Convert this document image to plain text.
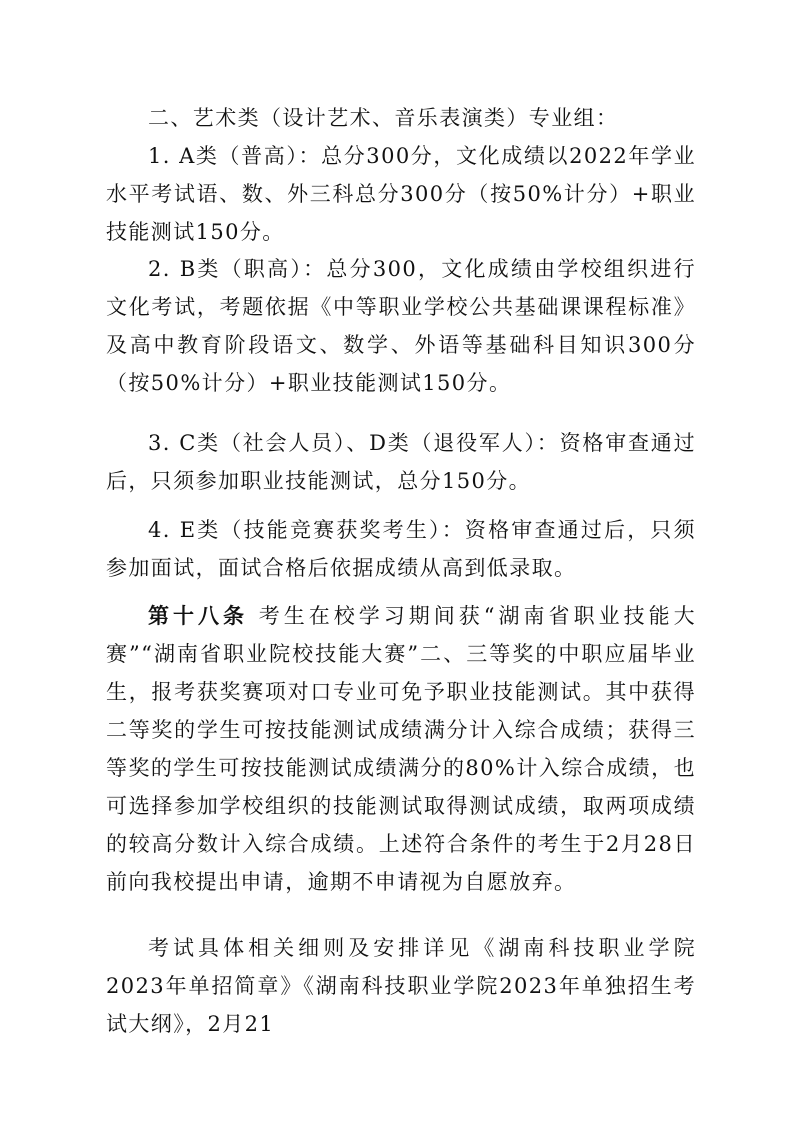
二、艺术类（设计艺术、音乐表演类）专业组：

1. A类（普高）：总分300分，文化成绩以2022年学业水平考试语、数、外三科总分300分（按50%计分）+职业技能测试150分。

2. B类（职高）：总分300，文化成绩由学校组织进行文化考试，考题依据《中等职业学校公共基础课课程标准》及高中教育阶段语文、数学、外语等基础科目知识300分（按50%计分）+职业技能测试150分。

3. C类（社会人员）、D类（退役军人）：资格审查通过后，只须参加职业技能测试，总分150分。

4. E类（技能竞赛获奖考生）：资格审查通过后，只须参加面试，面试合格后依据成绩从高到低录取。

第十八条 考生在校学习期间获“湖南省职业技能大赛”“湖南省职业院校技能大赛”二、三等奖的中职应届毕业生，报考获奖赛项对口专业可免予职业技能测试。其中获得二等奖的学生可按技能测试成绩满分计入综合成绩；获得三等奖的学生可按技能测试成绩满分的80%计入综合成绩，也可选择参加学校组织的技能测试取得测试成绩，取两项成绩的较高分数计入综合成绩。上述符合条件的考生于2月28日前向我校提出申请，逾期不申请视为自愿放弃。

考试具体相关细则及安排详见《湖南科技职业学院2023年单招简章》《湖南科技职业学院2023年单独招生考试大纲》，2月21
